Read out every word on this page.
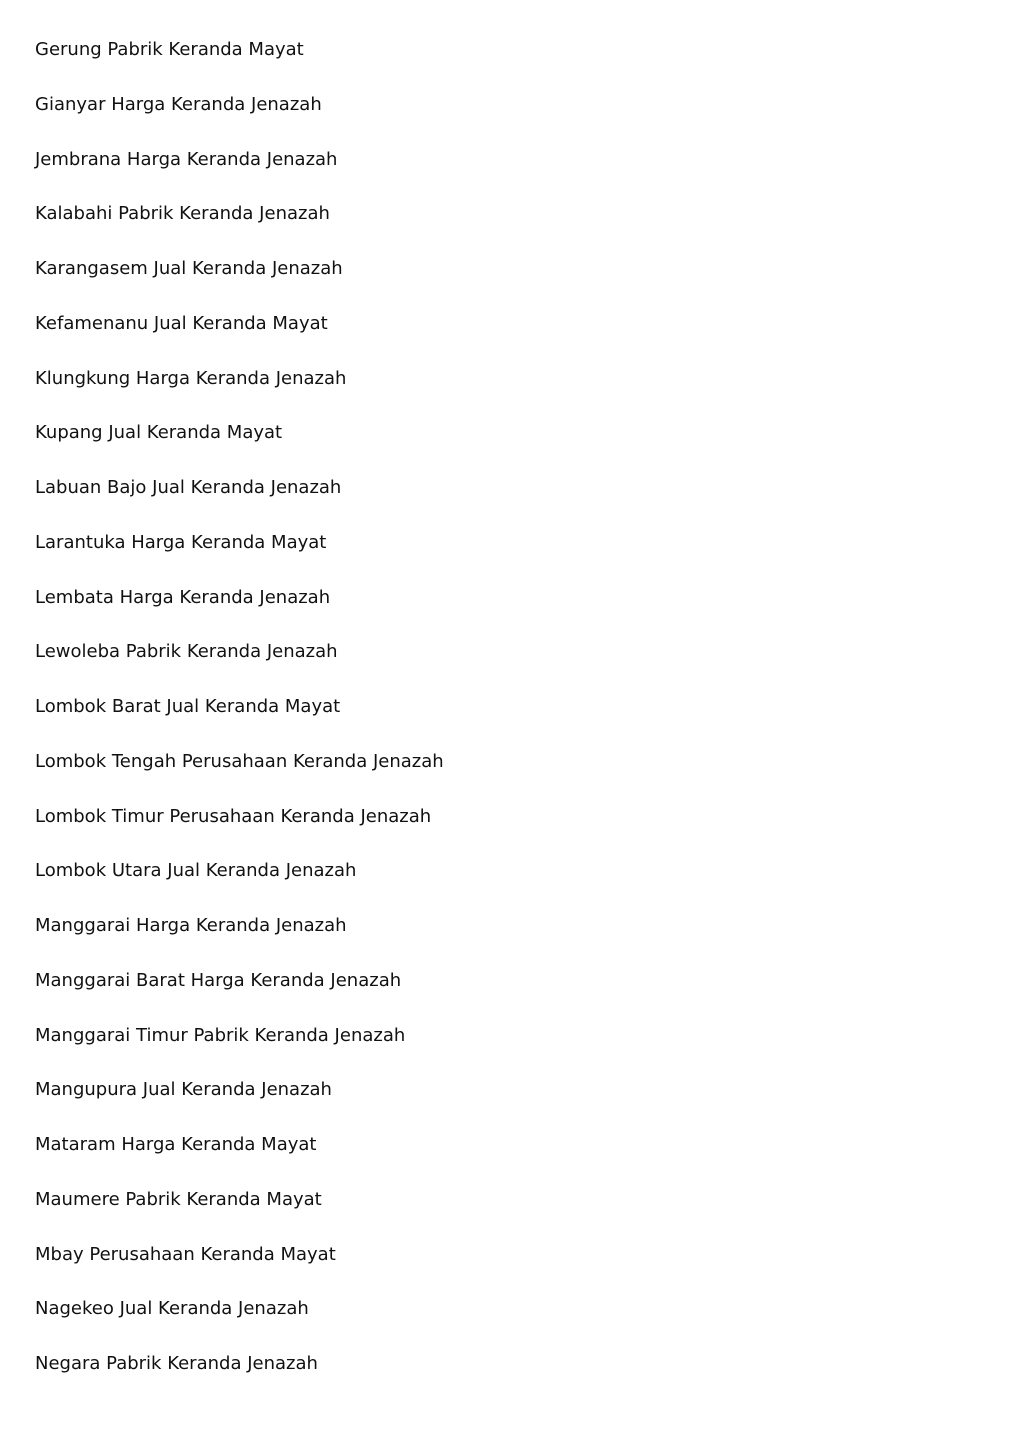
Gerung Pabrik Keranda Mayat
Gianyar Harga Keranda Jenazah
Jembrana Harga Keranda Jenazah
Kalabahi Pabrik Keranda Jenazah
Karangasem Jual Keranda Jenazah
Kefamenanu Jual Keranda Mayat
Klungkung Harga Keranda Jenazah
Kupang Jual Keranda Mayat
Labuan Bajo Jual Keranda Jenazah
Larantuka Harga Keranda Mayat
Lembata Harga Keranda Jenazah
Lewoleba Pabrik Keranda Jenazah
Lombok Barat Jual Keranda Mayat
Lombok Tengah Perusahaan Keranda Jenazah
Lombok Timur Perusahaan Keranda Jenazah
Lombok Utara Jual Keranda Jenazah
Manggarai Harga Keranda Jenazah
Manggarai Barat Harga Keranda Jenazah
Manggarai Timur Pabrik Keranda Jenazah
Mangupura Jual Keranda Jenazah
Mataram Harga Keranda Mayat
Maumere Pabrik Keranda Mayat
Mbay Perusahaan Keranda Mayat
Nagekeo Jual Keranda Jenazah
Negara Pabrik Keranda Jenazah
